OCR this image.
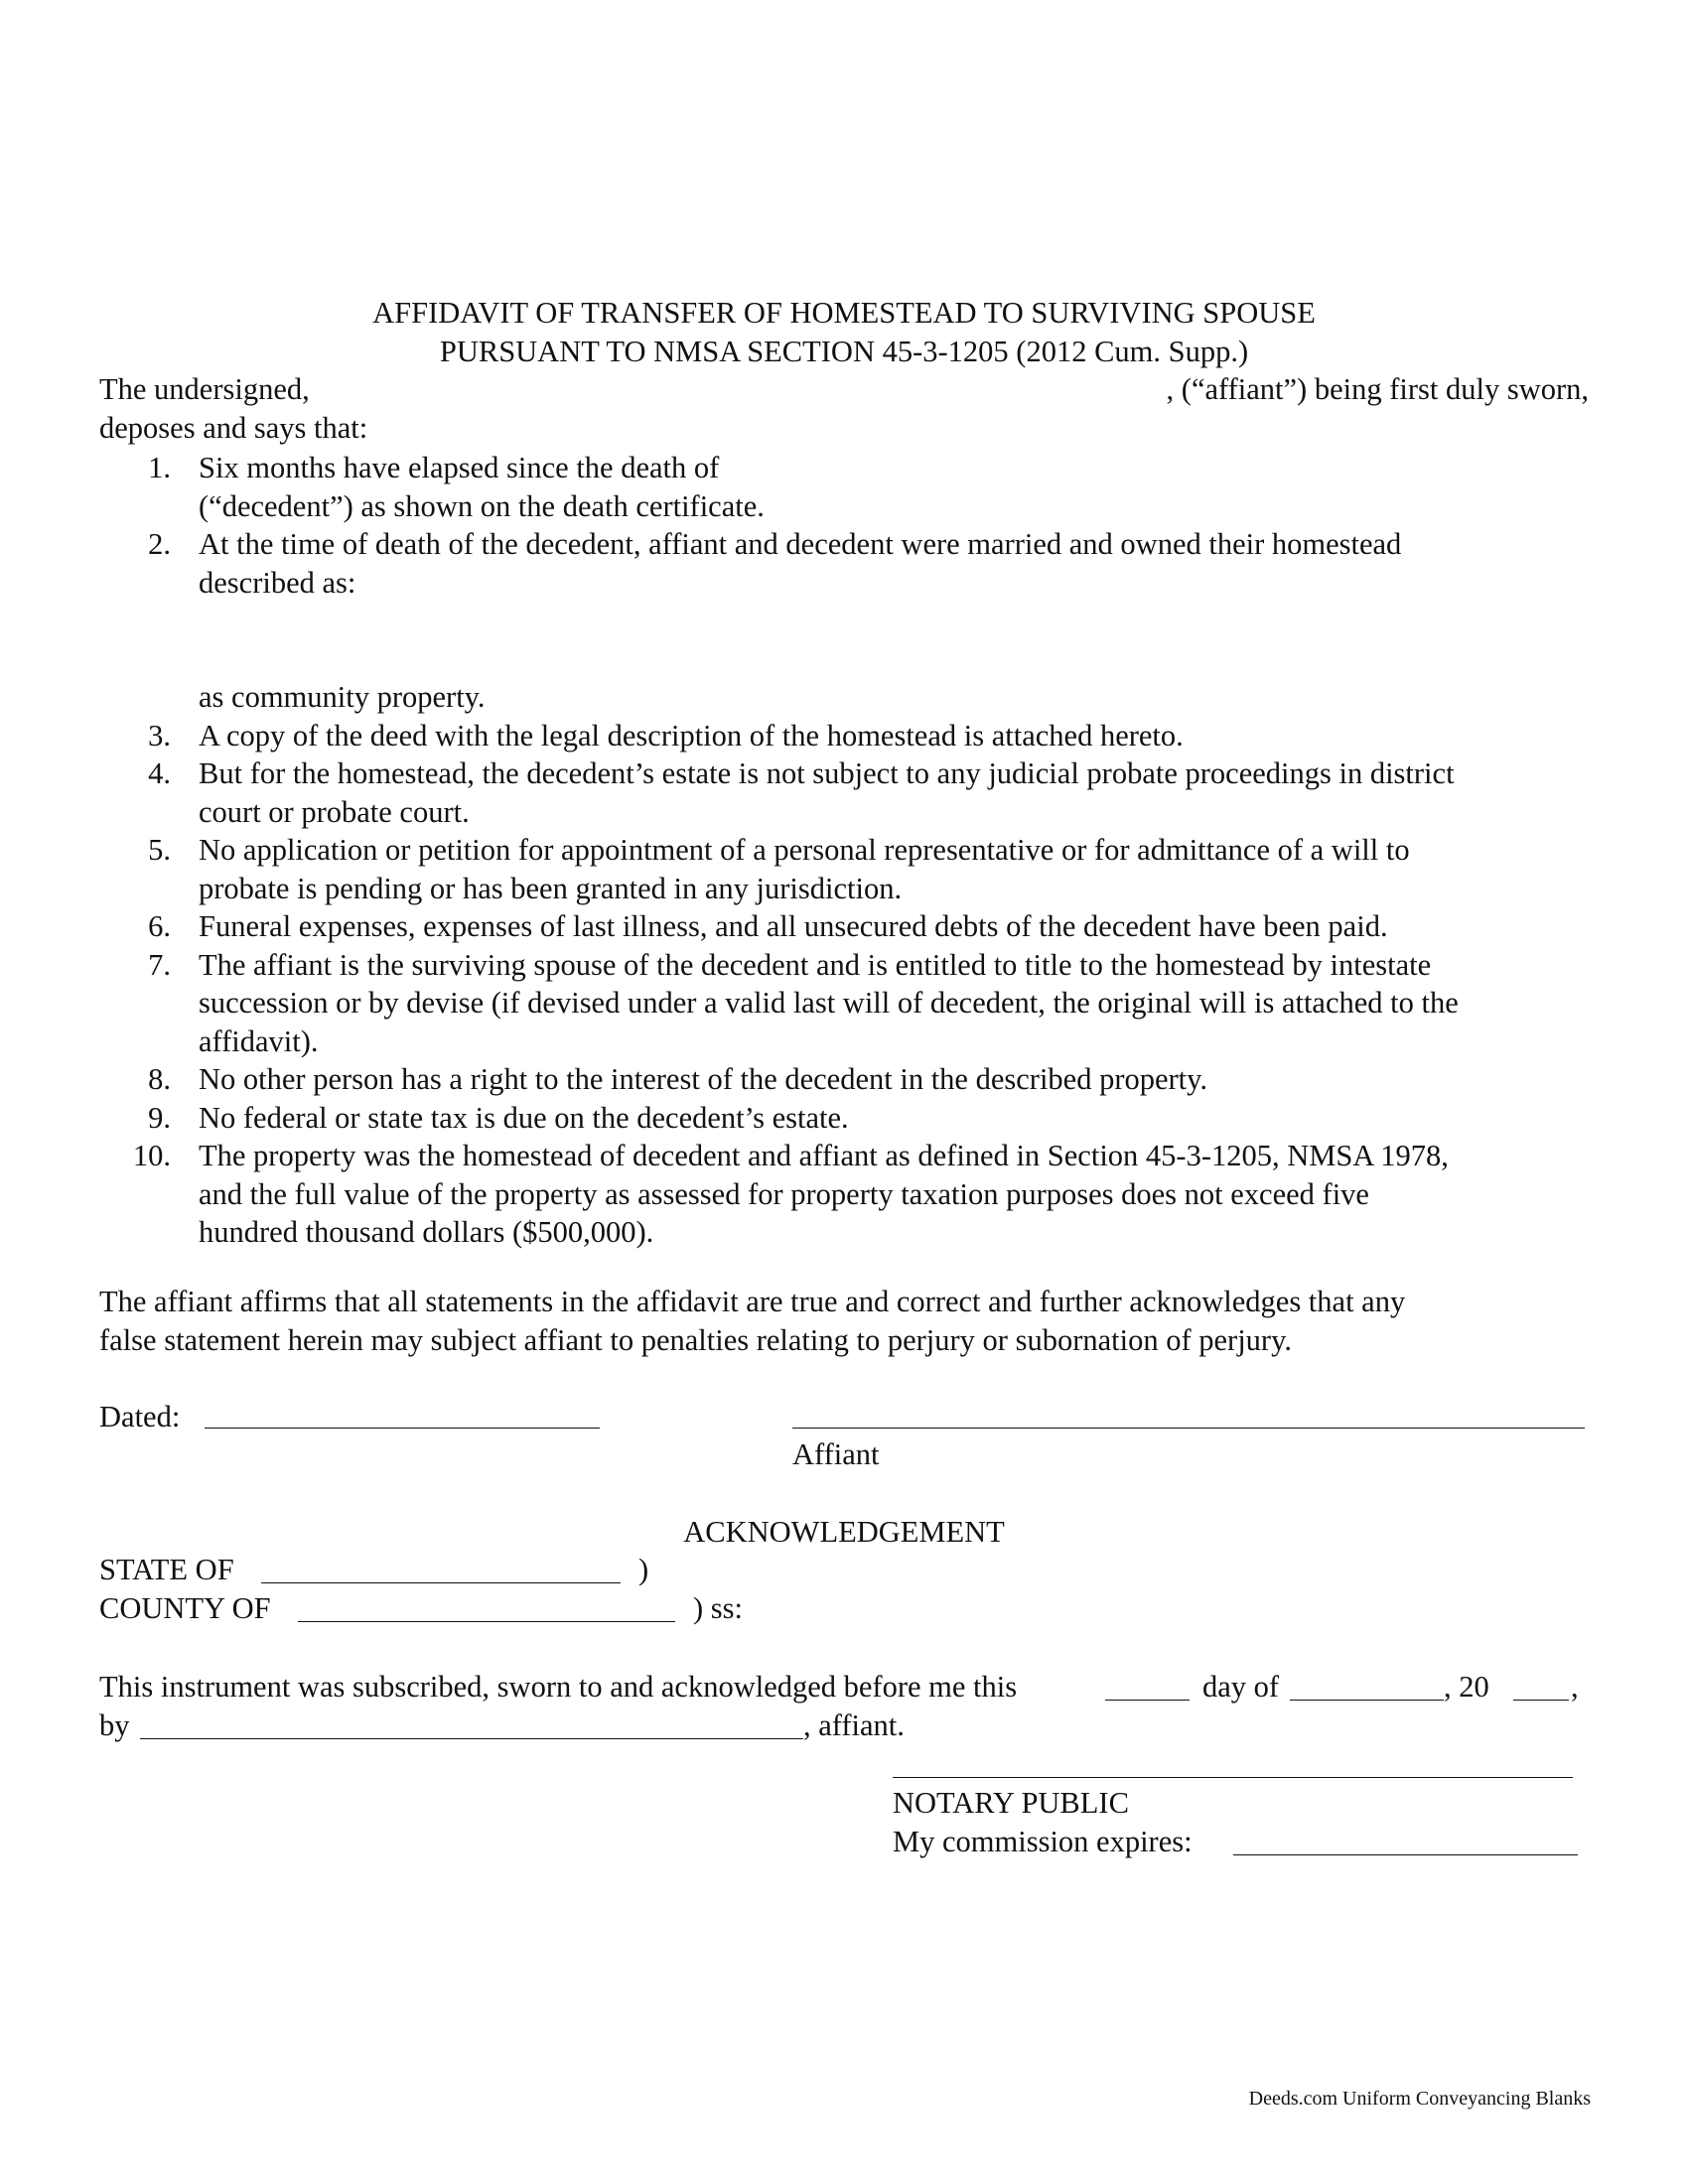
AFFIDAVIT OF TRANSFER OF HOMESTEAD TO SURVIVING SPOUSE
PURSUANT TO NMSA SECTION 45-3-1205 (2012 Cum. Supp.)
The undersigned,	, (“affiant”) being first duly sworn,
deposes and says that:
1. Six months have elapsed since the death of
(“decedent”) as shown on the death certificate.
2. At the time of death of the decedent, affiant and decedent were married and owned their homestead
described as:
as community property.
3. A copy of the deed with the legal description of the homestead is attached hereto.
4. But for the homestead, the decedent’s estate is not subject to any judicial probate proceedings in district
court or probate court.
5. No application or petition for appointment of a personal representative or for admittance of a will to
probate is pending or has been granted in any jurisdiction.
6. Funeral expenses, expenses of last illness, and all unsecured debts of the decedent have been paid.
7. The affiant is the surviving spouse of the decedent and is entitled to title to the homestead by intestate
succession or by devise (if devised under a valid last will of decedent, the original will is attached to the
affidavit).
8. No other person has a right to the interest of the decedent in the described property.
9. No federal or state tax is due on the decedent’s estate.
10. The property was the homestead of decedent and affiant as defined in Section 45-3-1205, NMSA 1978,
and the full value of the property as assessed for property taxation purposes does not exceed five
hundred thousand dollars ($500,000).
The affiant affirms that all statements in the affidavit are true and correct and further acknowledges that any
false statement herein may subject affiant to penalties relating to perjury or subornation of perjury.
Dated:
Affiant
ACKNOWLEDGEMENT
STATE OF	)
COUNTY OF	) ss:
This instrument was subscribed, sworn to and acknowledged before me this	day of	, 20	,
by	, affiant.
NOTARY PUBLIC
My commission expires:
Deeds.com Uniform Conveyancing Blanks
